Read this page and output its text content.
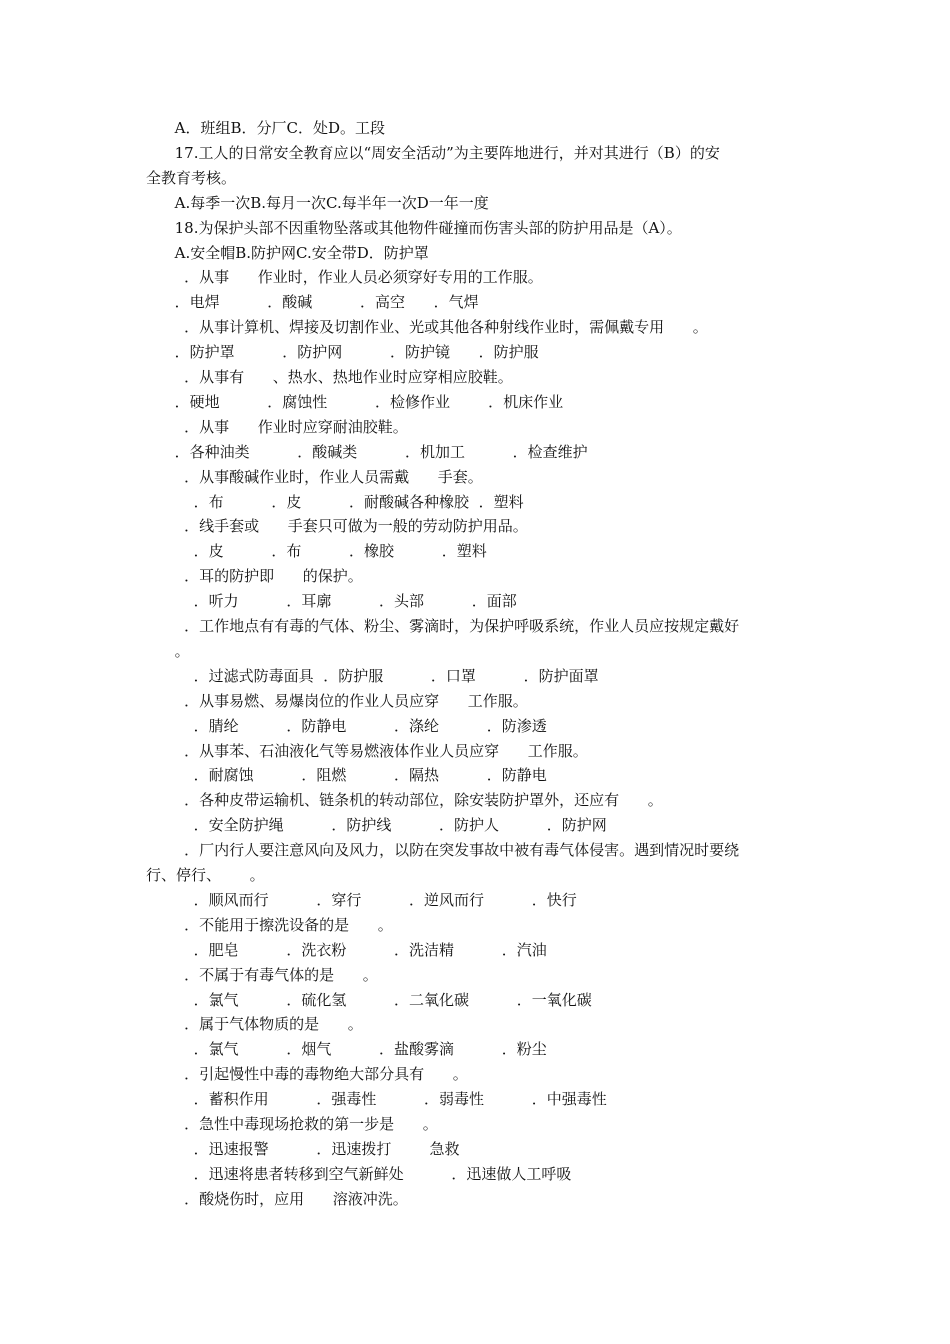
A．班组B．分厂C．处D。工段
17.工人的日常安全教育应以“周安全活动”为主要阵地进行，并对其进行（B）的安
全教育考核。
A.每季一次B.每月一次C.每半年一次D一年一度
18.为保护头部不因重物坠落或其他物件碰撞而伤害头部的防护用品是（A）。
A.安全帽B.防护网C.安全带D．防护罩
．从事      作业时，作业人员必须穿好专用的工作服。
．电焊          ．酸碱          ．高空      ．气焊
．从事计算机、焊接及切割作业、光或其他各种射线作业时，需佩戴专用      。
．防护罩          ．防护网          ．防护镜      ．防护服
．从事有      、热水、热地作业时应穿相应胶鞋。
．硬地          ．腐蚀性          ．检修作业        ．机床作业
．从事      作业时应穿耐油胶鞋。
．各种油类          ．酸碱类          ．机加工          ．检查维护
．从事酸碱作业时，作业人员需戴      手套。
．布          ．皮          ．耐酸碱各种橡胶  ．塑料
．线手套或      手套只可做为一般的劳动防护用品。
．皮          ．布          ．橡胶          ．塑料
．耳的防护即      的保护。
．听力          ．耳廓          ．头部          ．面部
．工作地点有有毒的气体、粉尘、雾滴时，为保护呼吸系统，作业人员应按规定戴好
。
．过滤式防毒面具  ．防护服          ．口罩          ．防护面罩
．从事易燃、易爆岗位的作业人员应穿      工作服。
．腈纶          ．防静电          ．涤纶          ．防渗透
．从事苯、石油液化气等易燃液体作业人员应穿      工作服。
．耐腐蚀          ．阻燃          ．隔热          ．防静电
．各种皮带运输机、链条机的转动部位，除安装防护罩外，还应有      。
．安全防护绳          ．防护线          ．防护人          ．防护网
．厂内行人要注意风向及风力，以防在突发事故中被有毒气体侵害。遇到情况时要绕
行、停行、      。
．顺风而行          ．穿行          ．逆风而行          ．快行
．不能用于擦洗设备的是      。
．肥皂          ．洗衣粉          ．洗洁精          ．汽油
．不属于有毒气体的是      。
．氯气          ．硫化氢          ．二氧化碳          ．一氧化碳
．属于气体物质的是      。
．氯气          ．烟气          ．盐酸雾滴          ．粉尘
．引起慢性中毒的毒物绝大部分具有      。
．蓄积作用          ．强毒性          ．弱毒性          ．中强毒性
．急性中毒现场抢救的第一步是      。
．迅速报警          ．迅速拨打        急救
．迅速将患者转移到空气新鲜处          ．迅速做人工呼吸
．酸烧伤时，应用      溶液冲洗。
